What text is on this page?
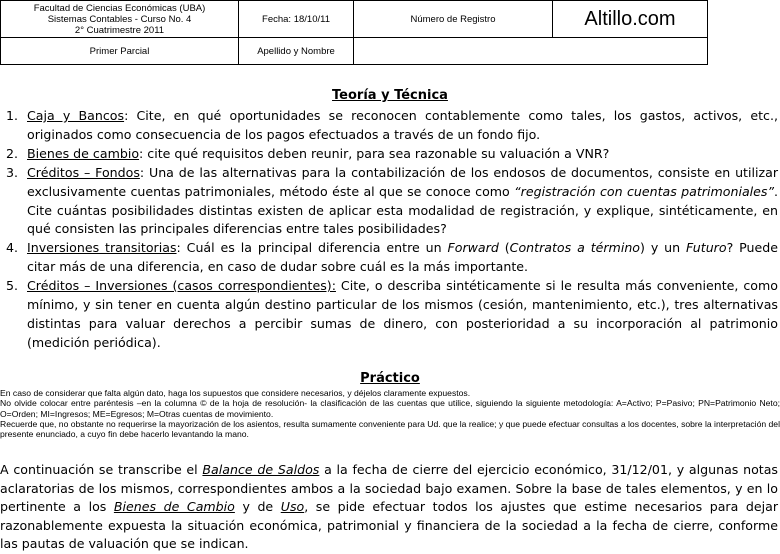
Facultad de Ciencias Económicas (UBA)
Sistemas Contables - Curso No. 4
2° Cuatrimestre 2011	Fecha: 18/10/11	Número de Registro	Altillo.com
Primer Parcial	Apellido y Nombre		
Teoría y Técnica
1. Caja y Bancos: Cite, en qué oportunidades se reconocen contablemente como tales, los gastos, activos, etc., originados como consecuencia de los pagos efectuados a través de un fondo fijo.
2. Bienes de cambio: cite qué requisitos deben reunir, para sea razonable su valuación a VNR?
3. Créditos – Fondos: Una de las alternativas para la contabilización de los endosos de documentos, consiste en utilizar exclusivamente cuentas patrimoniales, método éste al que se conoce como “registración con cuentas patrimoniales”. Cite cuántas posibilidades distintas existen de aplicar esta modalidad de registración, y explique, sintéticamente, en qué consisten las principales diferencias entre tales posibilidades?
4. Inversiones transitorias: Cuál es la principal diferencia entre un Forward (Contratos a término) y un Futuro? Puede citar más de una diferencia, en caso de dudar sobre cuál es la más importante.
5. Créditos – Inversiones (casos correspondientes): Cite, o describa sintéticamente si le resulta más conveniente, como mínimo, y sin tener en cuenta algún destino particular de los mismos (cesión, mantenimiento, etc.), tres alternativas distintas para valuar derechos a percibir sumas de dinero, con posterioridad a su incorporación al patrimonio (medición periódica).
Práctico

En caso de considerar que falta algún dato, haga los supuestos que considere necesarios, y déjelos claramente expuestos.

No olvide colocar entre paréntesis –en la columna © de la hoja de resolución- la clasificación de las cuentas que utilice, siguiendo la siguiente metodología: A=Activo; P=Pasivo; PN=Patrimonio Neto; O=Orden; MI=Ingresos; ME=Egresos; M=Otras cuentas de movimiento.

Recuerde que, no obstante no requerirse la mayorización de los asientos, resulta sumamente conveniente para Ud. que la realice; y que puede efectuar consultas a los docentes, sobre la interpretación del presente enunciado, a cuyo fin debe hacerlo levantando la mano.

A continuación se transcribe el Balance de Saldos a la fecha de cierre del ejercicio económico, 31/12/01, y algunas notas aclaratorias de los mismos, correspondientes ambos a la sociedad bajo examen. Sobre la base de tales elementos, y en lo pertinente a los Bienes de Cambio y de Uso, se pide efectuar todos los ajustes que estime necesarios para dejar razonablemente expuesta la situación económica, patrimonial y financiera de la sociedad a la fecha de cierre, conforme las pautas de valuación que se indican.
